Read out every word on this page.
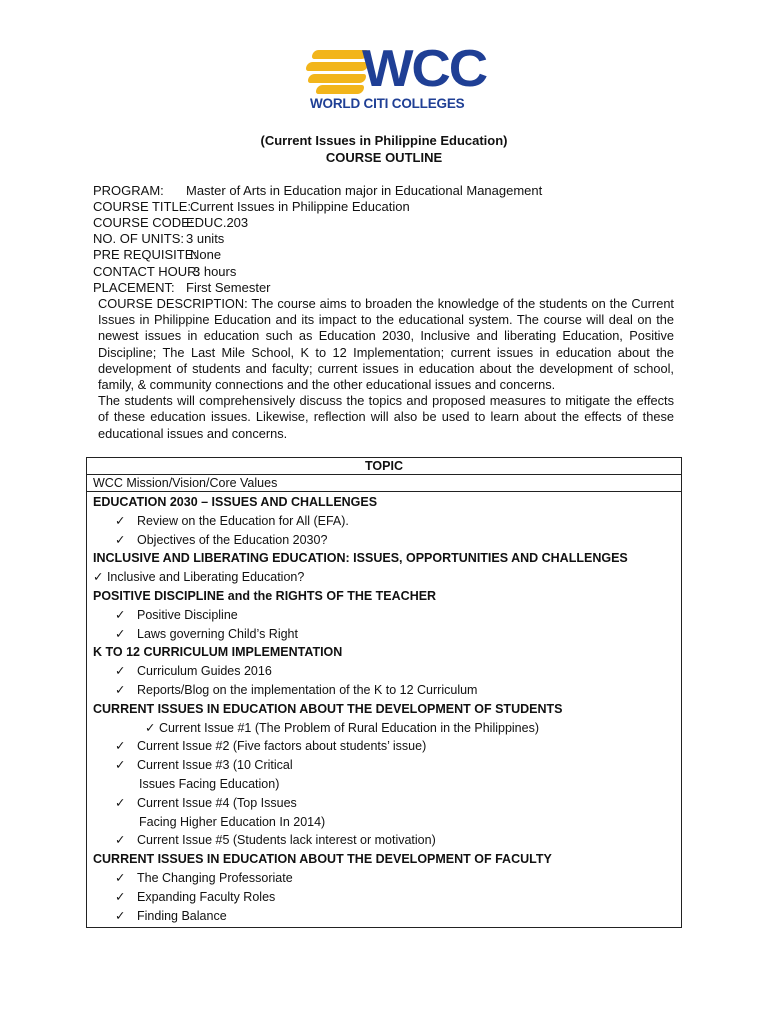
WCC
WORLD CITI COLLEGES
(Current Issues in Philippine Education)
COURSE OUTLINE
PROGRAM: Master of Arts in Education major in Educational Management
COURSE TITLE:Current Issues in Philippine Education
COURSE CODE:EDUC.203
NO. OF UNITS: 3 units
PRE REQUISITE:None
CONTACT HOUR:3 hours
PLACEMENT: First Semester

COURSE DESCRIPTION: The course aims to broaden the knowledge of the students on the Current Issues in Philippine Education and its impact to the educational system. The course will deal on the newest issues in education such as Education 2030, Inclusive and liberating Education, Positive Discipline; The Last Mile School, K to 12 Implementation; current issues in education about the development of students and faculty; current issues in education about the development of school, family, & community connections and the other educational issues and concerns.

The students will comprehensively discuss the topics and proposed measures to mitigate the effects of these education issues. Likewise, reflection will also be used to learn about the effects of these educational issues and concerns.

TOPIC
WCC Mission/Vision/Core Values

EDUCATION 2030 – ISSUES AND CHALLENGES
✓ Review on the Education for All (EFA).
✓ Objectives of the Education 2030?
INCLUSIVE AND LIBERATING EDUCATION: ISSUES, OPPORTUNITIES AND CHALLENGES
✓ Inclusive and Liberating Education?
POSITIVE DISCIPLINE and the RIGHTS OF THE TEACHER
✓ Positive Discipline
✓ Laws governing Child’s Right
K TO 12 CURRICULUM IMPLEMENTATION
✓ Curriculum Guides 2016
✓ Reports/Blog on the implementation of the K to 12 Curriculum
CURRENT ISSUES IN EDUCATION ABOUT THE DEVELOPMENT OF STUDENTS
✓ Current Issue #1 (The Problem of Rural Education in the Philippines)
✓ Current Issue #2 (Five factors about students’ issue)
✓ Current Issue #3 (10 Critical
Issues Facing Education)
✓ Current Issue #4 (Top Issues
Facing Higher Education In 2014)
✓ Current Issue #5 (Students lack interest or motivation)
CURRENT ISSUES IN EDUCATION ABOUT THE DEVELOPMENT OF FACULTY
✓ The Changing Professoriate
✓ Expanding Faculty Roles
✓ Finding Balance
